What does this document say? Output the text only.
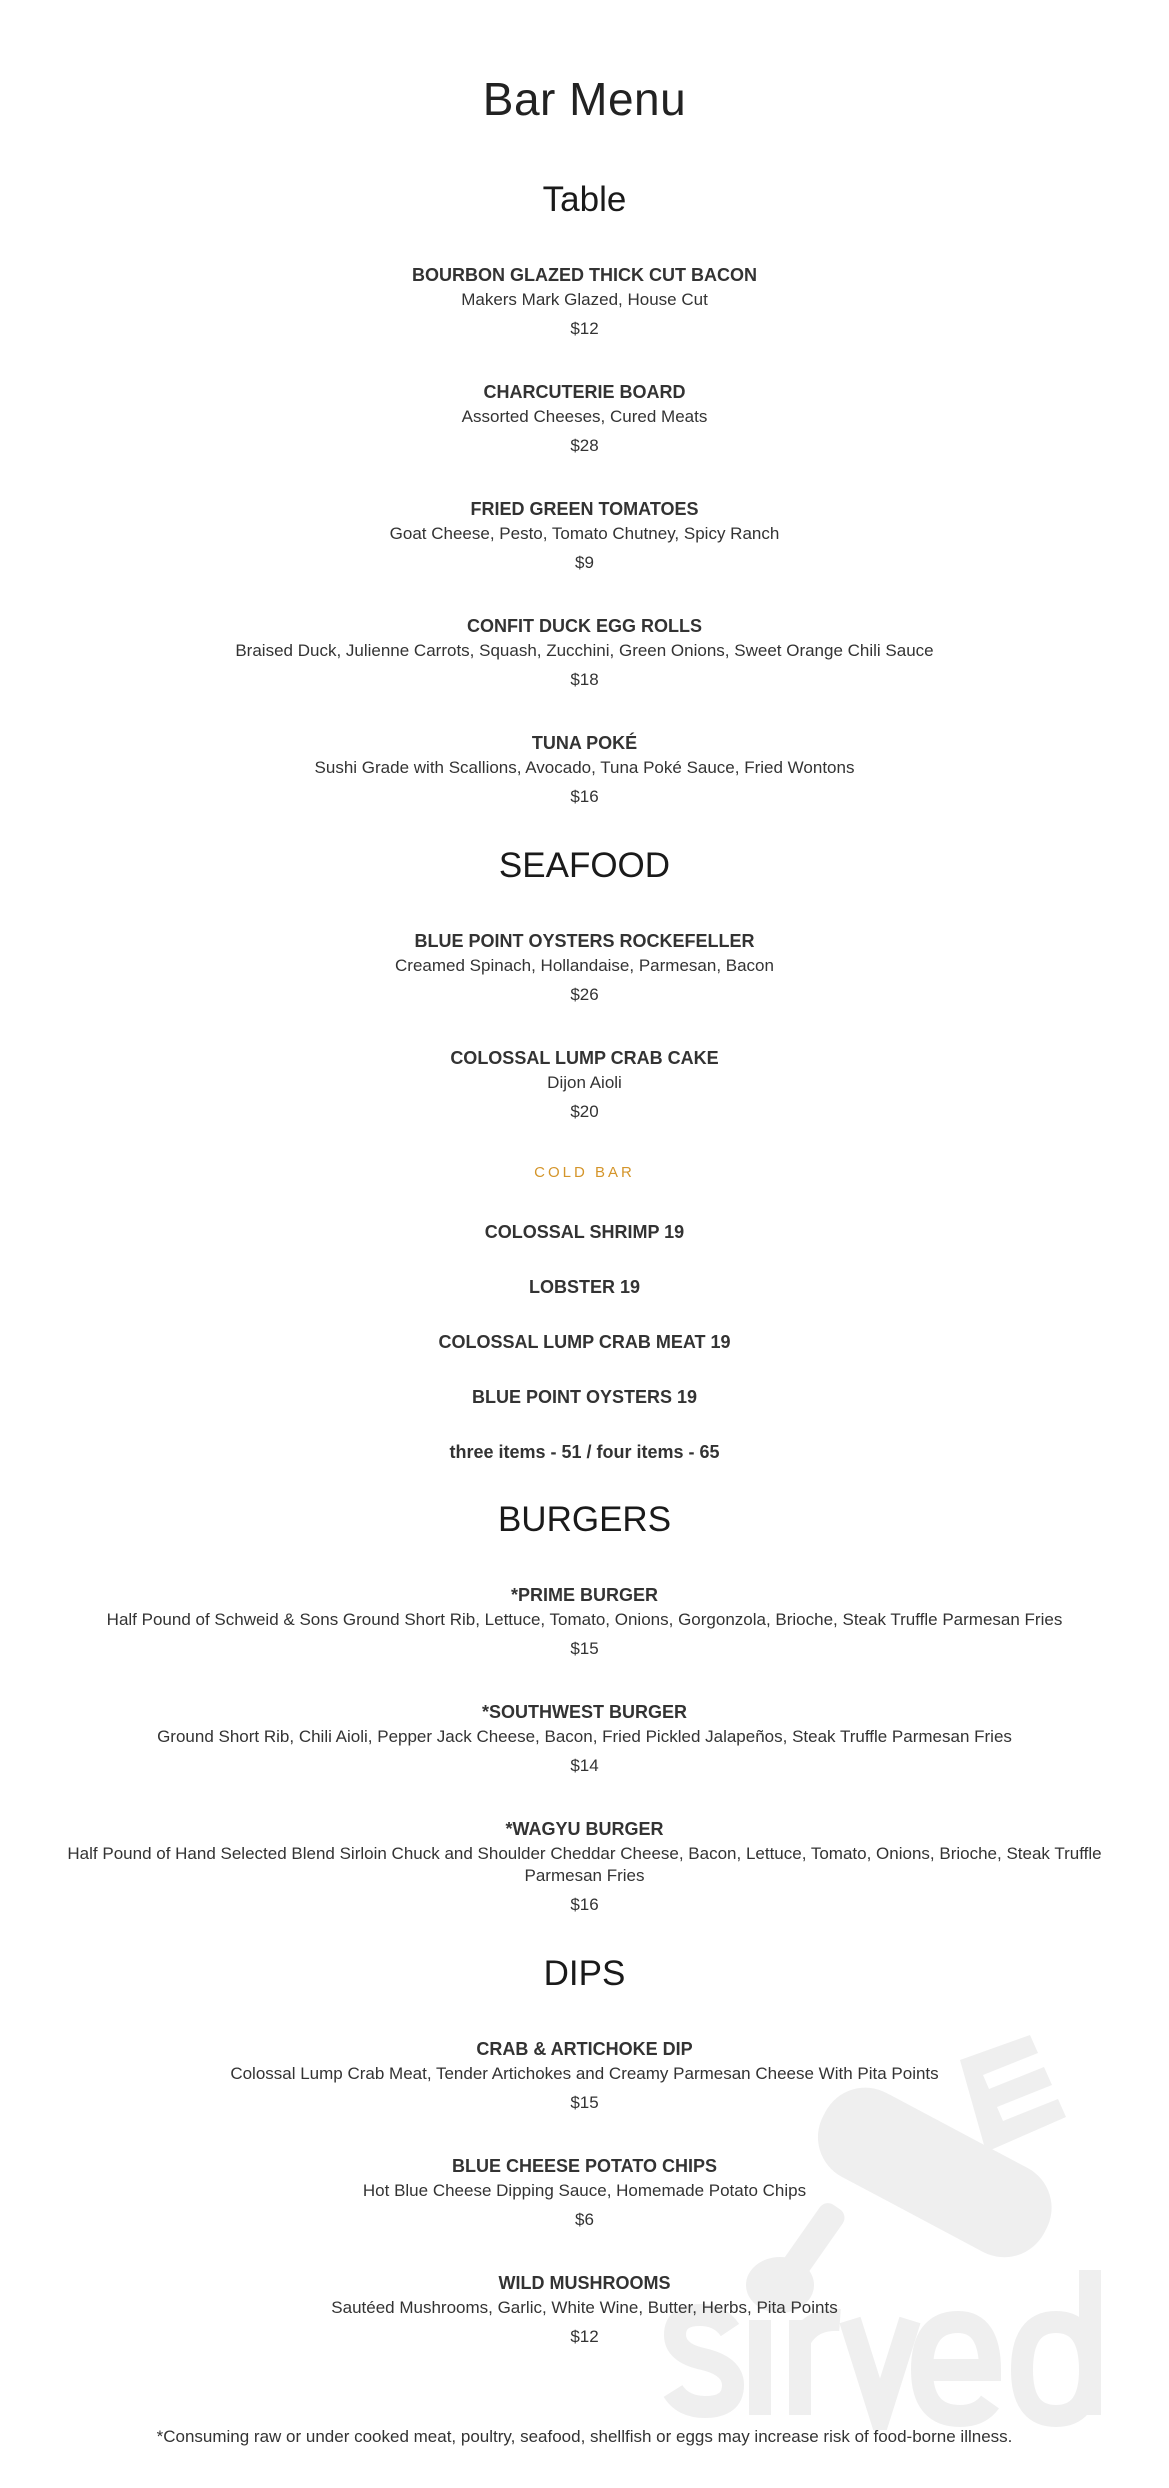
Bar Menu
Table
BOURBON GLAZED THICK CUT BACON
Makers Mark Glazed, House Cut
$12
CHARCUTERIE BOARD
Assorted Cheeses, Cured Meats
$28
FRIED GREEN TOMATOES
Goat Cheese, Pesto, Tomato Chutney, Spicy Ranch
$9
CONFIT DUCK EGG ROLLS
Braised Duck, Julienne Carrots, Squash, Zucchini, Green Onions, Sweet Orange Chili Sauce
$18
TUNA POKÉ
Sushi Grade with Scallions, Avocado, Tuna Poké Sauce, Fried Wontons
$16
SEAFOOD
BLUE POINT OYSTERS ROCKEFELLER
Creamed Spinach, Hollandaise, Parmesan, Bacon
$26
COLOSSAL LUMP CRAB CAKE
Dijon Aioli
$20
COLD BAR
COLOSSAL SHRIMP 19
LOBSTER 19
COLOSSAL LUMP CRAB MEAT 19
BLUE POINT OYSTERS 19
three items - 51 / four items - 65
BURGERS
*PRIME BURGER
Half Pound of Schweid & Sons Ground Short Rib, Lettuce, Tomato, Onions, Gorgonzola, Brioche, Steak Truffle Parmesan Fries
$15
*SOUTHWEST BURGER
Ground Short Rib, Chili Aioli, Pepper Jack Cheese, Bacon, Fried Pickled Jalapeños, Steak Truffle Parmesan Fries
$14
*WAGYU BURGER
Half Pound of Hand Selected Blend Sirloin Chuck and Shoulder Cheddar Cheese, Bacon, Lettuce, Tomato, Onions, Brioche, Steak Truffle Parmesan Fries
$16
DIPS
CRAB & ARTICHOKE DIP
Colossal Lump Crab Meat, Tender Artichokes and Creamy Parmesan Cheese With Pita Points
$15
BLUE CHEESE POTATO CHIPS
Hot Blue Cheese Dipping Sauce, Homemade Potato Chips
$6
WILD MUSHROOMS
Sautéed Mushrooms, Garlic, White Wine, Butter, Herbs, Pita Points
$12
*Consuming raw or under cooked meat, poultry, seafood, shellfish or eggs may increase risk of food-borne illness.
